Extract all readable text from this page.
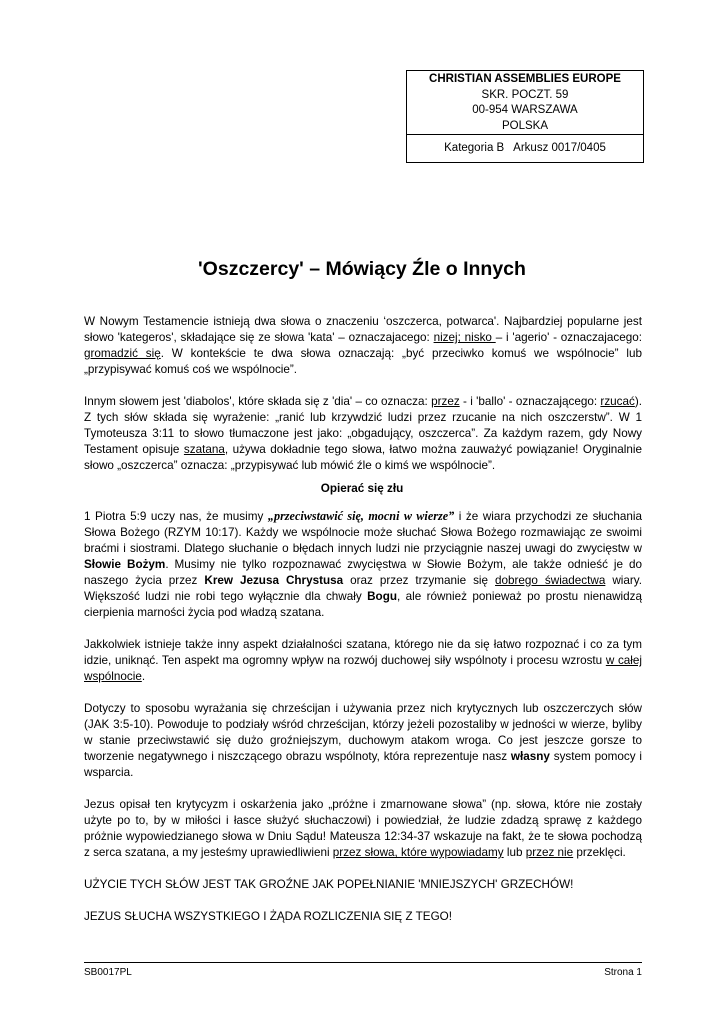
CHRISTIAN ASSEMBLIES EUROPE
SKR. POCZT. 59
00-954 WARSZAWA
POLSKA
Kategoria B   Arkusz 0017/0405
'Oszczercy' – Mówiący Źle o Innych

W Nowym Testamencie istnieją dwa słowa o znaczeniu ‘oszczerca, potwarca'. Najbardziej popularne jest słowo 'kategeros', składające się ze słowa 'kata' – oznaczajacego: nizej; nisko – i 'agerio' - oznaczajacego: gromadzić się. W kontekście te dwa słowa oznaczają: „być przeciwko komuś we wspólnocie” lub „przypisywać komuś coś we wspólnocie”.

Innym słowem jest 'diabolos', które składa się z 'dia' – co oznacza: przez - i 'ballo' - oznaczającego: rzucać). Z tych słów składa się wyrażenie: „ranić lub krzywdzić ludzi przez rzucanie na nich oszczerstw”. W 1 Tymoteusza 3:11 to słowo tłumaczone jest jako: „obgadujący, oszczerca”. Za każdym razem, gdy Nowy Testament opisuje szatana, używa dokładnie tego słowa, łatwo można zauważyć powiązanie! Oryginalnie słowo „oszczerca” oznacza: „przypisywać lub mówić źle o kimś we wspólnocie”.

Opierać się złu

1 Piotra 5:9 uczy nas, że musimy „przeciwstawić się, mocni w wierze” i że wiara przychodzi ze słuchania Słowa Bożego (RZYM 10:17). Każdy we wspólnocie może słuchać Słowa Bożego rozmawiając ze swoimi braćmi i siostrami. Dlatego słuchanie o błędach innych ludzi nie przyciągnie naszej uwagi do zwycięstw w Słowie Bożym. Musimy nie tylko rozpoznawać zwycięstwa w Słowie Bożym, ale także odnieść je do naszego życia przez Krew Jezusa Chrystusa oraz przez trzymanie się dobrego świadectwa wiary. Większość ludzi nie robi tego wyłącznie dla chwały Bogu, ale również ponieważ po prostu nienawidzą cierpienia marności życia pod władzą szatana.

Jakkolwiek istnieje także inny aspekt działalności szatana, którego nie da się łatwo rozpoznać i co za tym idzie, uniknąć. Ten aspekt ma ogromny wpływ na rozwój duchowej siły wspólnoty i procesu wzrostu w całej wspólnocie.

Dotyczy to sposobu wyrażania się chrześcijan i używania przez nich krytycznych lub oszczerczych słów (JAK 3:5-10). Powoduje to podziały wśród chrześcijan, którzy jeżeli pozostaliby w jedności w wierze, byliby w stanie przeciwstawić się dużo groźniejszym, duchowym atakom wroga. Co jest jeszcze gorsze to tworzenie negatywnego i niszczącego obrazu wspólnoty, która reprezentuje nasz własny system pomocy i wsparcia.

Jezus opisał ten krytycyzm i oskarżenia jako „próżne i zmarnowane słowa” (np. słowa, które nie zostały użyte po to, by w miłości i łasce służyć słuchaczowi) i powiedział, że ludzie zdadzą sprawę z każdego próżnie wypowiedzianego słowa w Dniu Sądu! Mateusza 12:34-37 wskazuje na fakt, że te słowa pochodzą z serca szatana, a my jesteśmy uprawiedliwieni przez słowa, które wypowiadamy lub przez nie przeklęci.

UŻYCIE TYCH SŁÓW JEST TAK GROŹNE JAK POPEŁNIANIE 'MNIEJSZYCH' GRZECHÓW!

JEZUS SŁUCHA WSZYSTKIEGO I ŻĄDA ROZLICZENIA SIĘ Z TEGO!

SB0017PL	Strona 1
